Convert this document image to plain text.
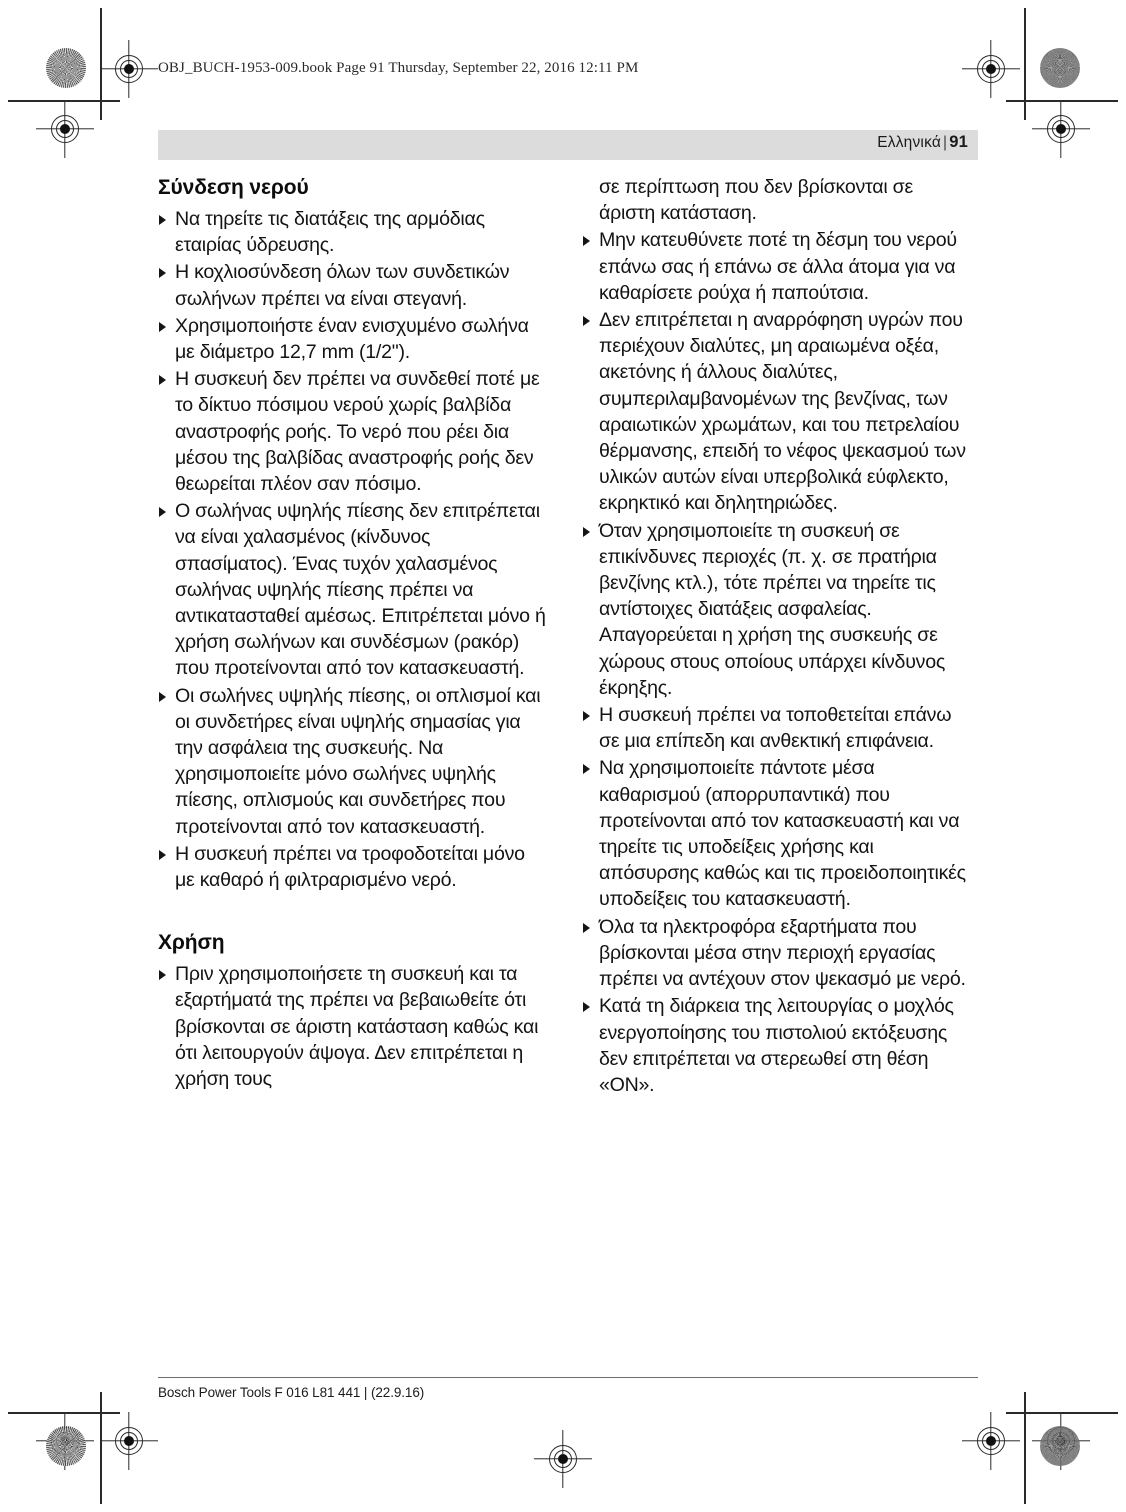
OBJ_BUCH-1953-009.book Page 91 Thursday, September 22, 2016 12:11 PM
Ελληνικά | 91
Σύνδεση νερού
Να τηρείτε τις διατάξεις της αρμόδιας εταιρίας ύδρευσης.
Η κοχλιοσύνδεση όλων των συνδετικών σωλήνων πρέπει να είναι στεγανή.
Χρησιμοποιήστε έναν ενισχυμένο σωλήνα με διάμετρο 12,7 mm (1/2").
Η συσκευή δεν πρέπει να συνδεθεί ποτέ με το δίκτυο πόσιμου νερού χωρίς βαλβίδα αναστροφής ροής. Το νερό που ρέει δια μέσου της βαλβίδας αναστροφής ροής δεν θεωρείται πλέον σαν πόσιμο.
Ο σωλήνας υψηλής πίεσης δεν επιτρέπεται να είναι χαλασμένος (κίνδυνος σπασίματος). Ένας τυχόν χαλασμένος σωλήνας υψηλής πίεσης πρέπει να αντικατασταθεί αμέσως. Επιτρέπεται μόνο ή χρήση σωλήνων και συνδέσμων (ρακόρ) που προτείνονται από τον κατασκευαστή.
Οι σωλήνες υψηλής πίεσης, οι οπλισμοί και οι συνδετήρες είναι υψηλής σημασίας για την ασφάλεια της συσκευής. Να χρησιμοποιείτε μόνο σωλήνες υψηλής πίεσης, οπλισμούς και συνδετήρες που προτείνονται από τον κατασκευαστή.
Η συσκευή πρέπει να τροφοδοτείται μόνο με καθαρό ή φιλτραρισμένο νερό.
Χρήση
Πριν χρησιμοποιήσετε τη συσκευή και τα εξαρτήματά της πρέπει να βεβαιωθείτε ότι βρίσκονται σε άριστη κατάσταση καθώς και ότι λειτουργούν άψογα. Δεν επιτρέπεται η χρήση τους
σε περίπτωση που δεν βρίσκονται σε άριστη κατάσταση.
Μην κατευθύνετε ποτέ τη δέσμη του νερού επάνω σας ή επάνω σε άλλα άτομα για να καθαρίσετε ρούχα ή παπούτσια.
Δεν επιτρέπεται η αναρρόφηση υγρών που περιέχουν διαλύτες, μη αραιωμένα οξέα, ακετόνης ή άλλους διαλύτες, συμπεριλαμβανομένων της βενζίνας, των αραιωτικών χρωμάτων, και του πετρελαίου θέρμανσης, επειδή το νέφος ψεκασμού των υλικών αυτών είναι υπερβολικά εύφλεκτο, εκρηκτικό και δηλητηριώδες.
Όταν χρησιμοποιείτε τη συσκευή σε επικίνδυνες περιοχές (π. χ. σε πρατήρια βενζίνης κτλ.), τότε πρέπει να τηρείτε τις αντίστοιχες διατάξεις ασφαλείας. Απαγορεύεται η χρήση της συσκευής σε χώρους στους οποίους υπάρχει κίνδυνος έκρηξης.
Η συσκευή πρέπει να τοποθετείται επάνω σε μια επίπεδη και ανθεκτική επιφάνεια.
Να χρησιμοποιείτε πάντοτε μέσα καθαρισμού (απορρυπαντικά) που προτείνονται από τον κατασκευαστή και να τηρείτε τις υποδείξεις χρήσης και απόσυρσης καθώς και τις προειδοποιητικές υποδείξεις του κατασκευαστή.
Όλα τα ηλεκτροφόρα εξαρτήματα που βρίσκονται μέσα στην περιοχή εργασίας πρέπει να αντέχουν στον ψεκασμό με νερό.
Κατά τη διάρκεια της λειτουργίας ο μοχλός ενεργοποίησης του πιστολιού εκτόξευσης δεν επιτρέπεται να στερεωθεί στη θέση «ON».
Bosch Power Tools F 016 L81 441 | (22.9.16)
